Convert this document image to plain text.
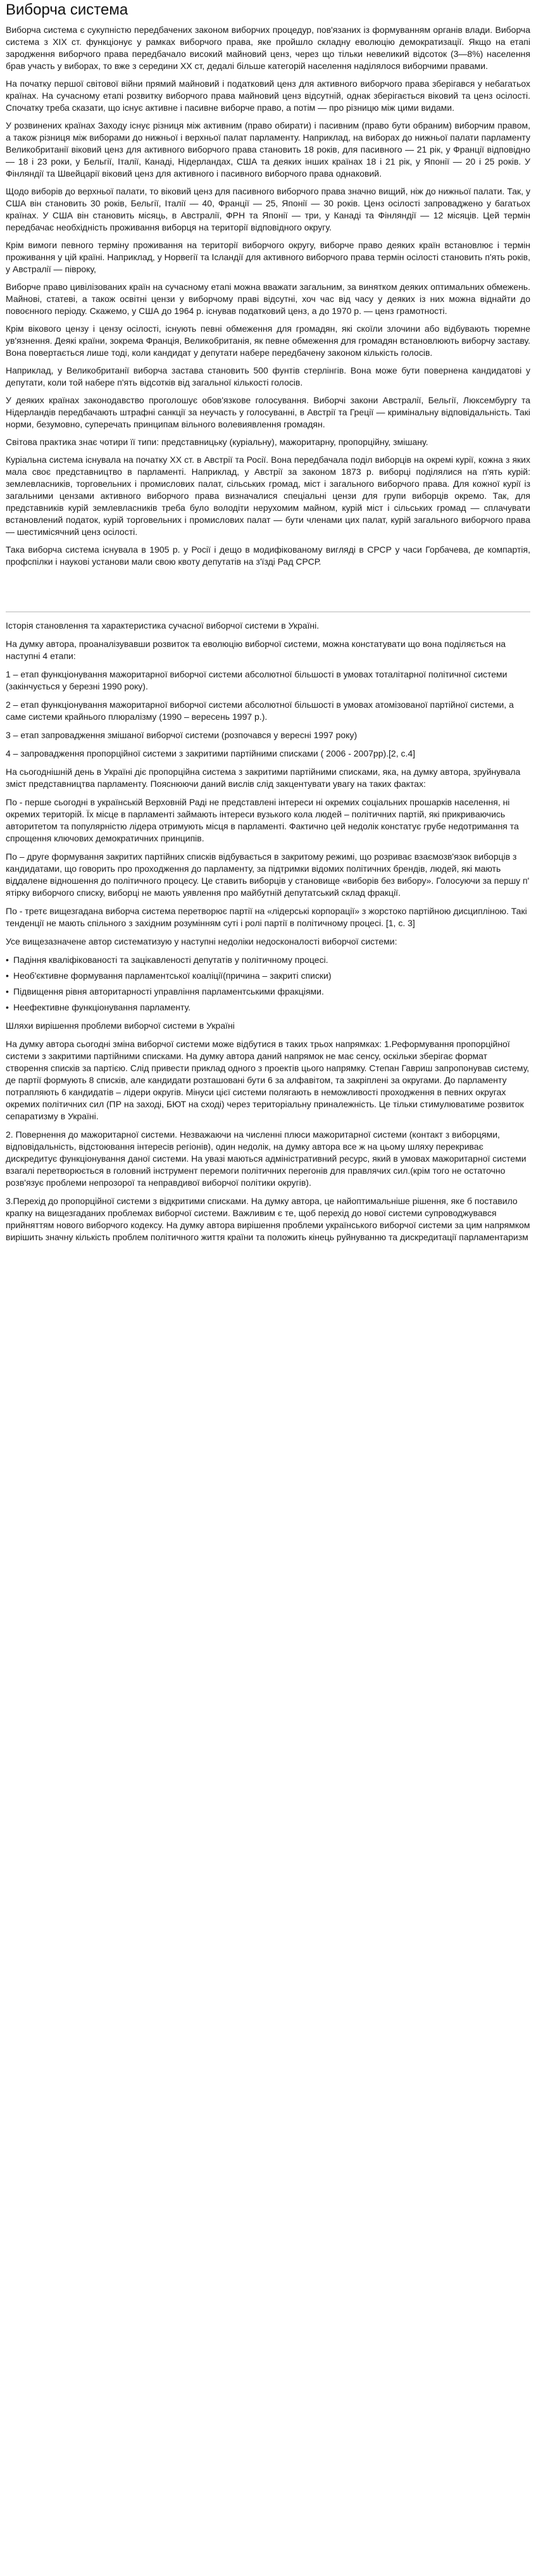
Виборча система

Виборча система є сукупністю передбачених законом виборчих процедур, пов'язаних із формуванням органів влади. Виборча система з XIX ст. функціонує у рамках виборчого права, яке пройшло складну еволюцію демократизації. Якщо на етапі зародження виборчого права передбачало високий майновий ценз, через що тільки невеликий відсоток (3—8%) населення брав участь у виборах, то вже з середини XX ст, дедалі більше категорій населення наділялося виборчими правами.

На початку першої світової війни прямий майновий і податковий ценз для активного виборчого права зберігався у небагатьох країнах. На сучасному етапі розвитку виборчого права майновий ценз відсутній, однак зберігається віковий та ценз осілості. Спочатку треба сказати, що існує активне і пасивне виборче право, а потім — про різницю між цими видами.

У розвинених країнах Заходу існує різниця між активним (право обирати) і пасивним (право бути обраним) виборчим правом, а також різниця між виборами до нижньої і верхньої палат парламенту. Наприклад, на виборах до нижньої палати парламенту Великобританії віковий ценз для активного виборчого права становить 18 років, для пасивного — 21 рік, у Франції відповідно — 18 і 23 роки, у Бельгії, Італії, Канаді, Нідерландах, США та деяких інших країнах 18 і 21 рік, у Японії — 20 і 25 років. У Фінляндії та Швейцарії віковий ценз для активного і пасивного виборчого права однаковий.

Щодо виборів до верхньої палати, то віковий ценз для пасивного виборчого права значно вищий, ніж до нижньої палати. Так, у США він становить 30 років, Бельгії, Італії — 40, Франції — 25, Японії — 30 років. Ценз осілості запроваджено у багатьох країнах. У США він становить місяць, в Австралії, ФРН та Японії — три, у Канаді та Фінляндії — 12 місяців. Цей термін передбачає необхідність проживання виборця на території відповідного округу.

Крім вимоги певного терміну проживання на території виборчого округу, виборче право деяких країн встановлює і термін проживання у цій країні. Наприклад, у Норвегії та Ісландії для активного виборчого права термін осілості становить п'ять років, у Австралії — півроку,

Виборче право цивілізованих країн на сучасному етапі можна вважати загальним, за винятком деяких оптимальних обмежень. Майнові, статеві, а також освітні цензи у виборчому праві відсутні, хоч час від часу у деяких із них можна віднайти до повоєнного періоду. Скажемо, у США до 1964 р. існував податковий ценз, а до 1970 р. — ценз грамотності.

Крім вікового цензу і цензу осілості, існують певні обмеження для громадян, які скоїли злочини або відбувають тюремне ув'язнення. Деякі країни, зокрема Франція, Великобританія, як певне обмеження для громадян встановлюють виборчу заставу. Вона повертається лише тоді, коли кандидат у депутати набере передбачену законом кількість голосів.

Наприклад, у Великобританії виборча застава становить 500 фунтів стерлінгів. Вона може бути повернена кандидатові у депутати, коли той набере п'ять відсотків від загальної кількості голосів.

У деяких країнах законодавство проголошує обов'язкове голосування. Виборчі закони Австралії, Бельгії, Люксембургу та Нідерландів передбачають штрафні санкції за неучасть у голосуванні, в Австрії та Греції — кримінальну відповідальність. Такі норми, безумовно, суперечать принципам вільного волевиявлення громадян.

Світова практика знає чотири її типи: представницьку (куріальну), мажоритарну, пропорційну, змішану.

Куріальна система існувала на початку XX ст. в Австрії та Росії. Вона передбачала поділ виборців на окремі курії, кожна з яких мала своє представництво в парламенті. Наприклад, у Австрії за законом 1873 р. виборці поділялися на п'ять курій: землевласників, торговельних і промислових палат, сільських громад, міст і загального виборчого права. Для кожної курії із загальними цензами активного виборчого права визначалися спеціальні цензи для групи виборців окремо. Так, для представників курій землевласників треба було володіти нерухомим майном, курій міст і сільських громад — сплачувати встановлений податок, курій торговельних і промислових палат — бути членами цих палат, курій загального виборчого права — шестимісячний ценз осілості.

Така виборча система існувала в 1905 р. у Росії і дещо в модифікованому вигляді в СРСР у часи Горбачева, де компартія, профспілки і наукові установи мали свою квоту депутатів на з'їзді Рад СРСР.

Історія становлення та характеристика сучасної виборчої системи в Україні.

На думку автора, проаналізувавши розвиток та еволюцію виборчої системи, можна констатувати що вона поділяється на наступні 4 етапи:

1 – етап функціонування мажоритарної виборчої системи абсолютної більшості в умовах тоталітарної політичної системи (закінчується у березні 1990 року).

2 – етап функціонування мажоритарної виборчої системи абсолютної більшості в умовах атомізованої партійної системи, а саме системи крайнього плюралізму (1990 – вересень 1997 р.).

3 – етап запровадження змішаної виборчої системи (розпочався у вересні 1997 року)

4 – запровадження пропорційної системи з закритими партійними списками ( 2006 - 2007рр).[2, с.4]

На сьогоднішній день в Україні діє пропорційна система з закритими партійними списками, яка, на думку автора, зруйнувала зміст представництва парламенту. Пояснюючи даний вислів слід закцентувати увагу на таких фактах:

По - перше сьогодні в українській Верховній Раді не представлені інтереси ні окремих соціальних прошарків населення, ні окремих територій. Їх місце в парламенті займають інтереси вузького кола людей – політичних партій, які прикриваючись авторитетом та популярністю лідера отримують місця в парламенті. Фактично цей недолік констатує грубе недотримання та спрощення ключових демократичних принципів.

По – друге формування закритих партійних списків відбувається в закритому режимі, що розриває взаємозв'язок виборців з кандидатами, що говорить про проходження до парламенту, за підтримки відомих політичних брендів, людей, які мають віддалене відношення до політичного процесу. Це ставить виборців у становище «виборів без вибору». Голосуючи за першу п' ятірку виборчого списку, виборці не мають уявлення про майбутній депутатський склад фракції.

По - третє вищезгадана виборча система перетворює партії на «лідерські корпорації» з жорстоко партійною дисципліною. Такі тенденції не мають спільного з західним розумінням суті і ролі партії в політичному процесі. [1, с. 3]

Усе вищезазначене автор систематизую у наступні недоліки недосконалості виборчої системи:

• Падіння кваліфікованості та зацікавленості депутатів у політичному процесі.
• Необ'єктивне формування парламентської коаліції(причина – закриті списки)
• Підвищення рівня авторитарності управління парламентськими фракціями.
• Неефективне функціонування парламенту.

Шляхи вирішення проблеми виборчої системи в Україні

На думку автора сьогодні зміна виборчої системи може відбутися в таких трьох напрямках: 1.Реформування пропорційної системи з закритими партійними списками. На думку автора даний напрямок не має сенсу, оскільки зберігає формат створення списків за партією. Слід привести приклад одного з проектів цього напрямку. Степан Гавриш запропонував систему, де партії формують 8 списків, але кандидати розташовані бути 6 за алфавітом, та закріплені за округами. До парламенту потрапляють 6 кандидатів – лідери округів. Мінуси цієї системи полягають в неможливості проходження в певних округах окремих політичних сил (ПР на заході, БЮТ на сході) через територіальну приналежність. Це тільки стимулюватиме розвиток сепаратизму в Україні.

2. Повернення до мажоритарної системи. Незважаючи на численні плюси мажоритарної системи (контакт з виборцями, відповідальність, відстоювання інтересів регіонів), один недолік, на думку автора все ж на цьому шляху перекриває дискредитує функціонування даної системи. На увазі маються адміністративний ресурс, який в умовах мажоритарної системи взагалі перетворюється в головний інструмент перемоги політичних перегонів для правлячих сил.(крім того не остаточно розв'язує проблеми непрозорої та неправдивої виборчої політики округів).

3.Перехід до пропорційної системи з відкритими списками. На думку автора, це найоптимальніше рішення, яке б поставило крапку на вищезгаданих проблемах виборчої системи. Важливим є те, щоб перехід до нової системи супроводжувався прийняттям нового виборчого кодексу. На думку автора вирішення проблеми українського виборчої системи за цим напрямком вирішить значну кількість проблем політичного життя країни та положить кінець руйнуванню та дискредитації парламентаризм
